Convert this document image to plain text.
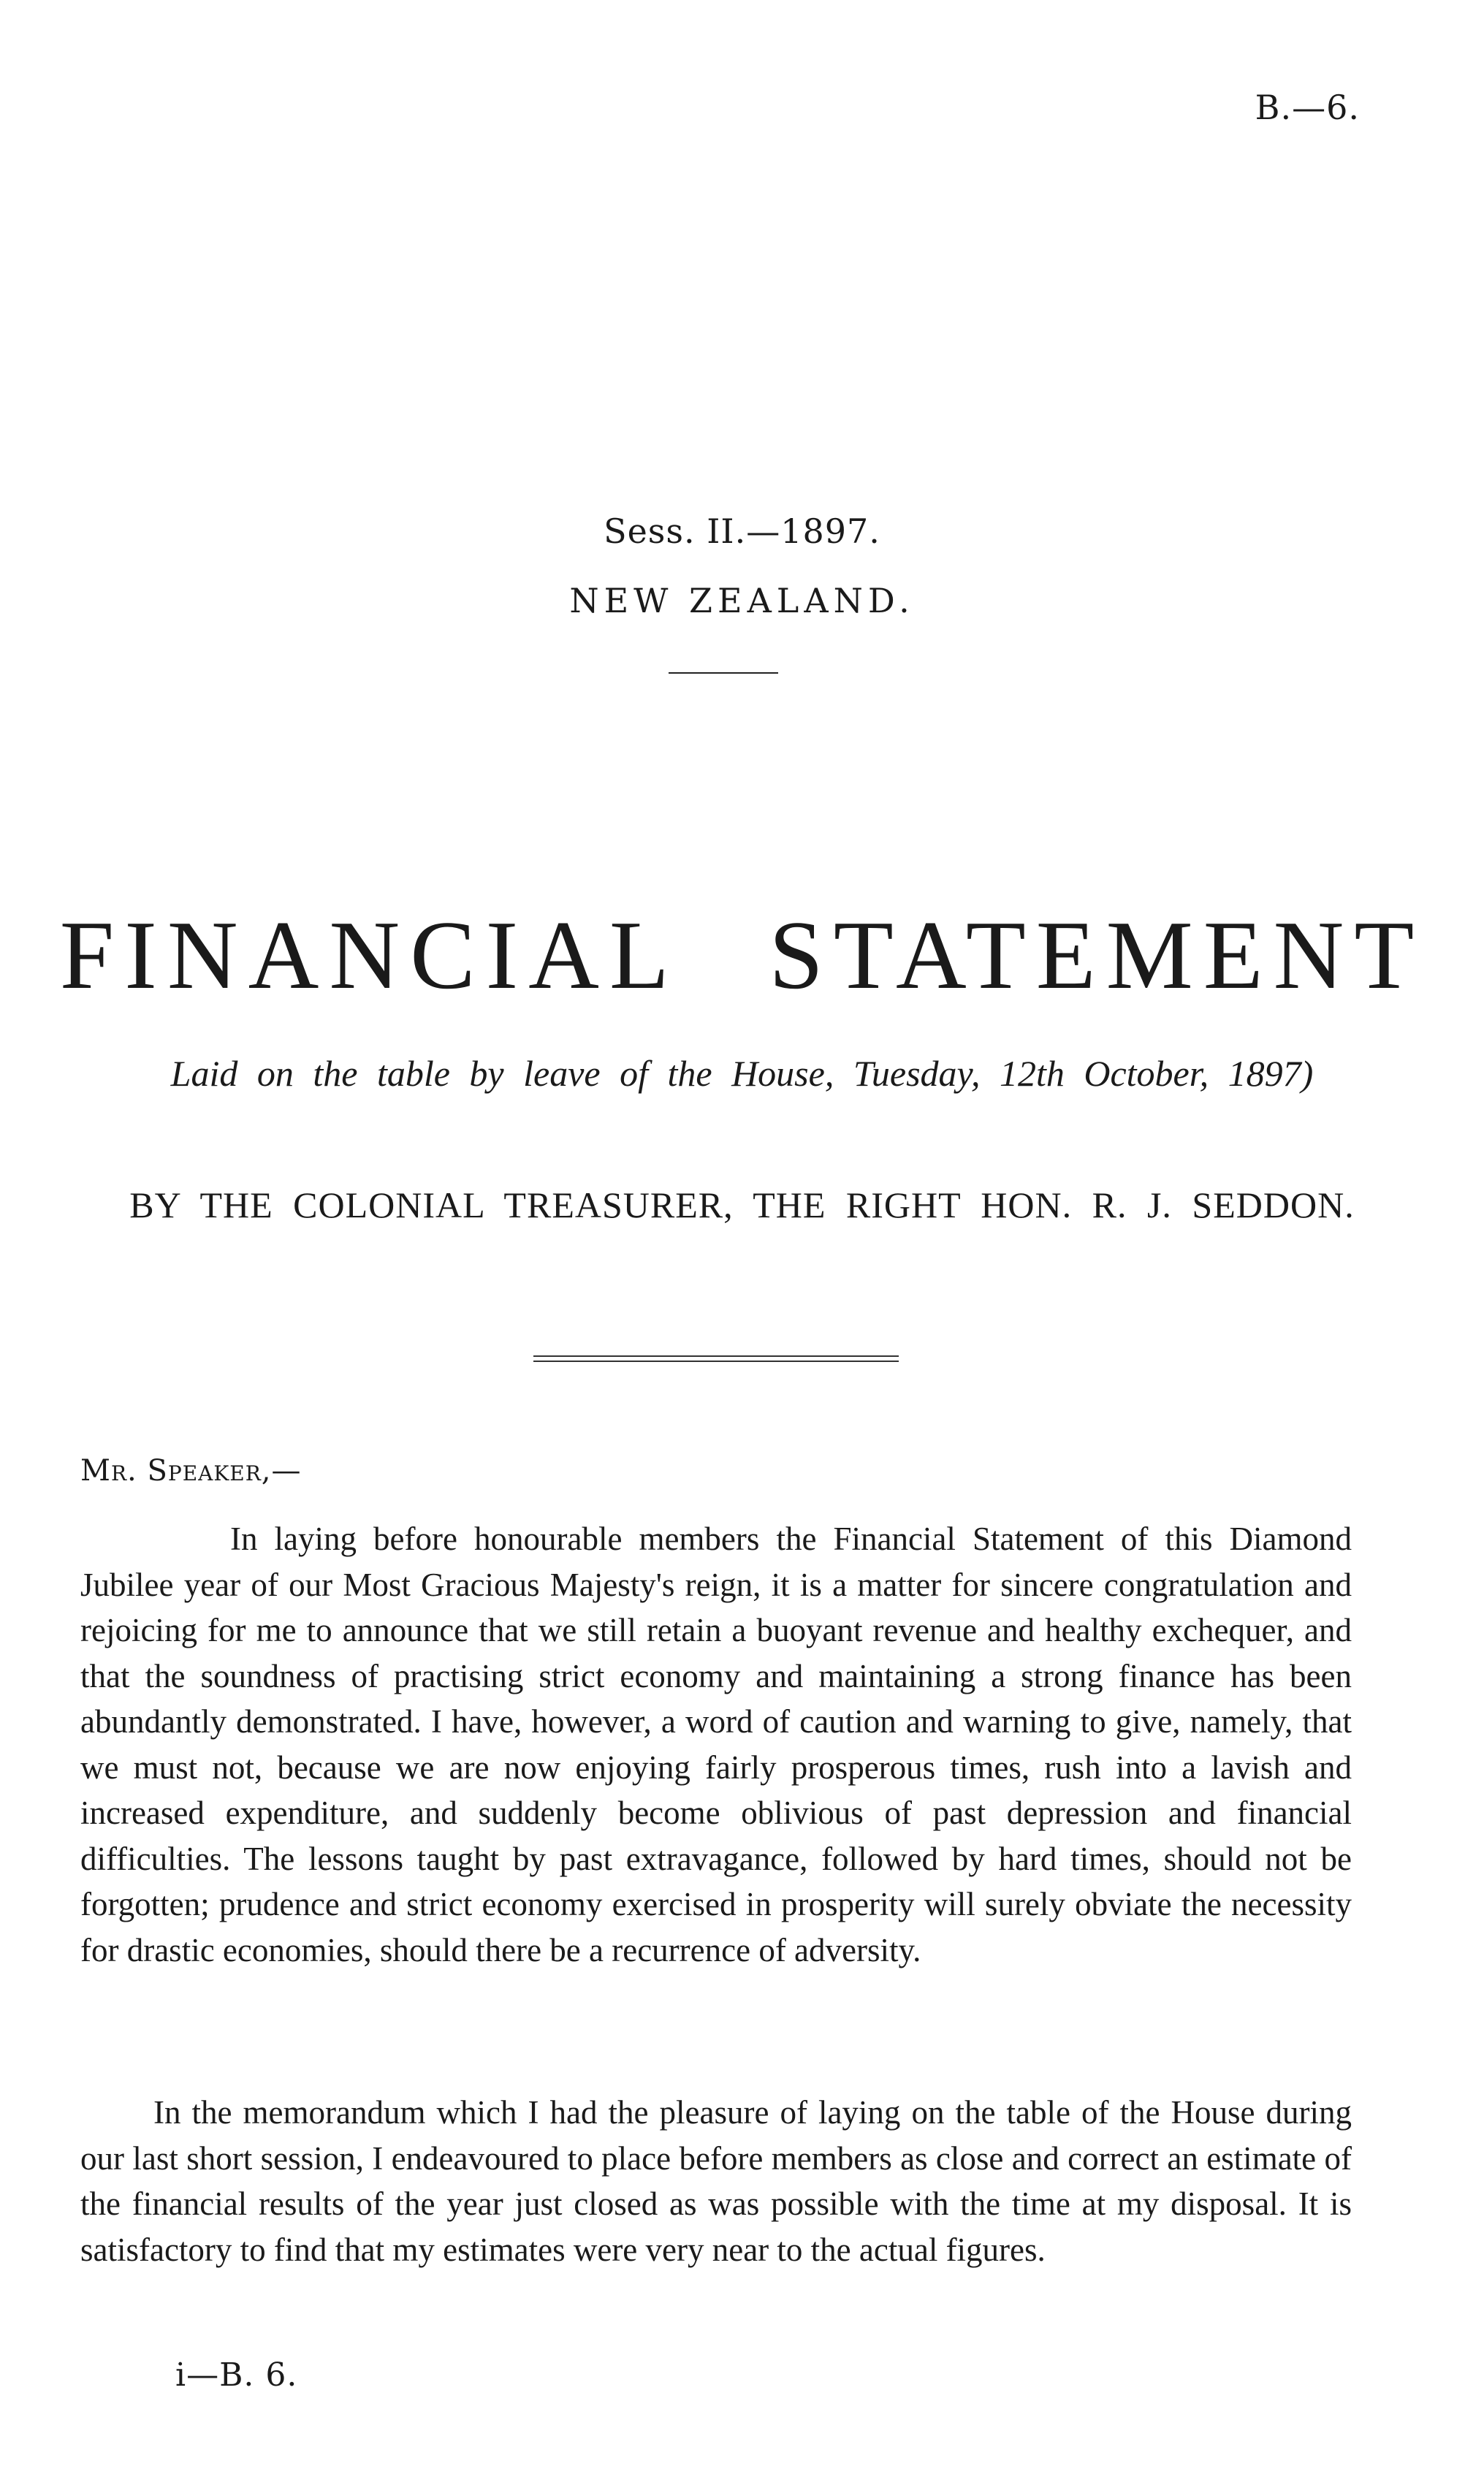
B.—6.
Sess. II.—1897.
NEW ZEALAND.
FINANCIAL STATEMENT
Laid on the table by leave of the House, Tuesday, 12th October, 1897)
BY THE COLONIAL TREASURER, THE RIGHT HON. R. J. SEDDON.
Mr. Speaker,—

In laying before honourable members the Financial Statement of this Diamond Jubilee year of our Most Gracious Majesty's reign, it is a matter for sincere congratulation and rejoicing for me to announce that we still retain a buoyant revenue and healthy exchequer, and that the soundness of practising strict economy and maintaining a strong finance has been abundantly demonstrated. I have, however, a word of caution and warning to give, namely, that we must not, because we are now enjoying fairly prosperous times, rush into a lavish and increased expenditure, and suddenly become oblivious of past depression and financial difficulties. The lessons taught by past extravagance, followed by hard times, should not be forgotten; prudence and strict economy exercised in prosperity will surely obviate the necessity for drastic economies, should there be a recurrence of adversity.

In the memorandum which I had the pleasure of laying on the table of the House during our last short session, I endeavoured to place before members as close and correct an estimate of the financial results of the year just closed as was possible with the time at my disposal. It is satisfactory to find that my estimates were very near to the actual figures.

i—B. 6.
